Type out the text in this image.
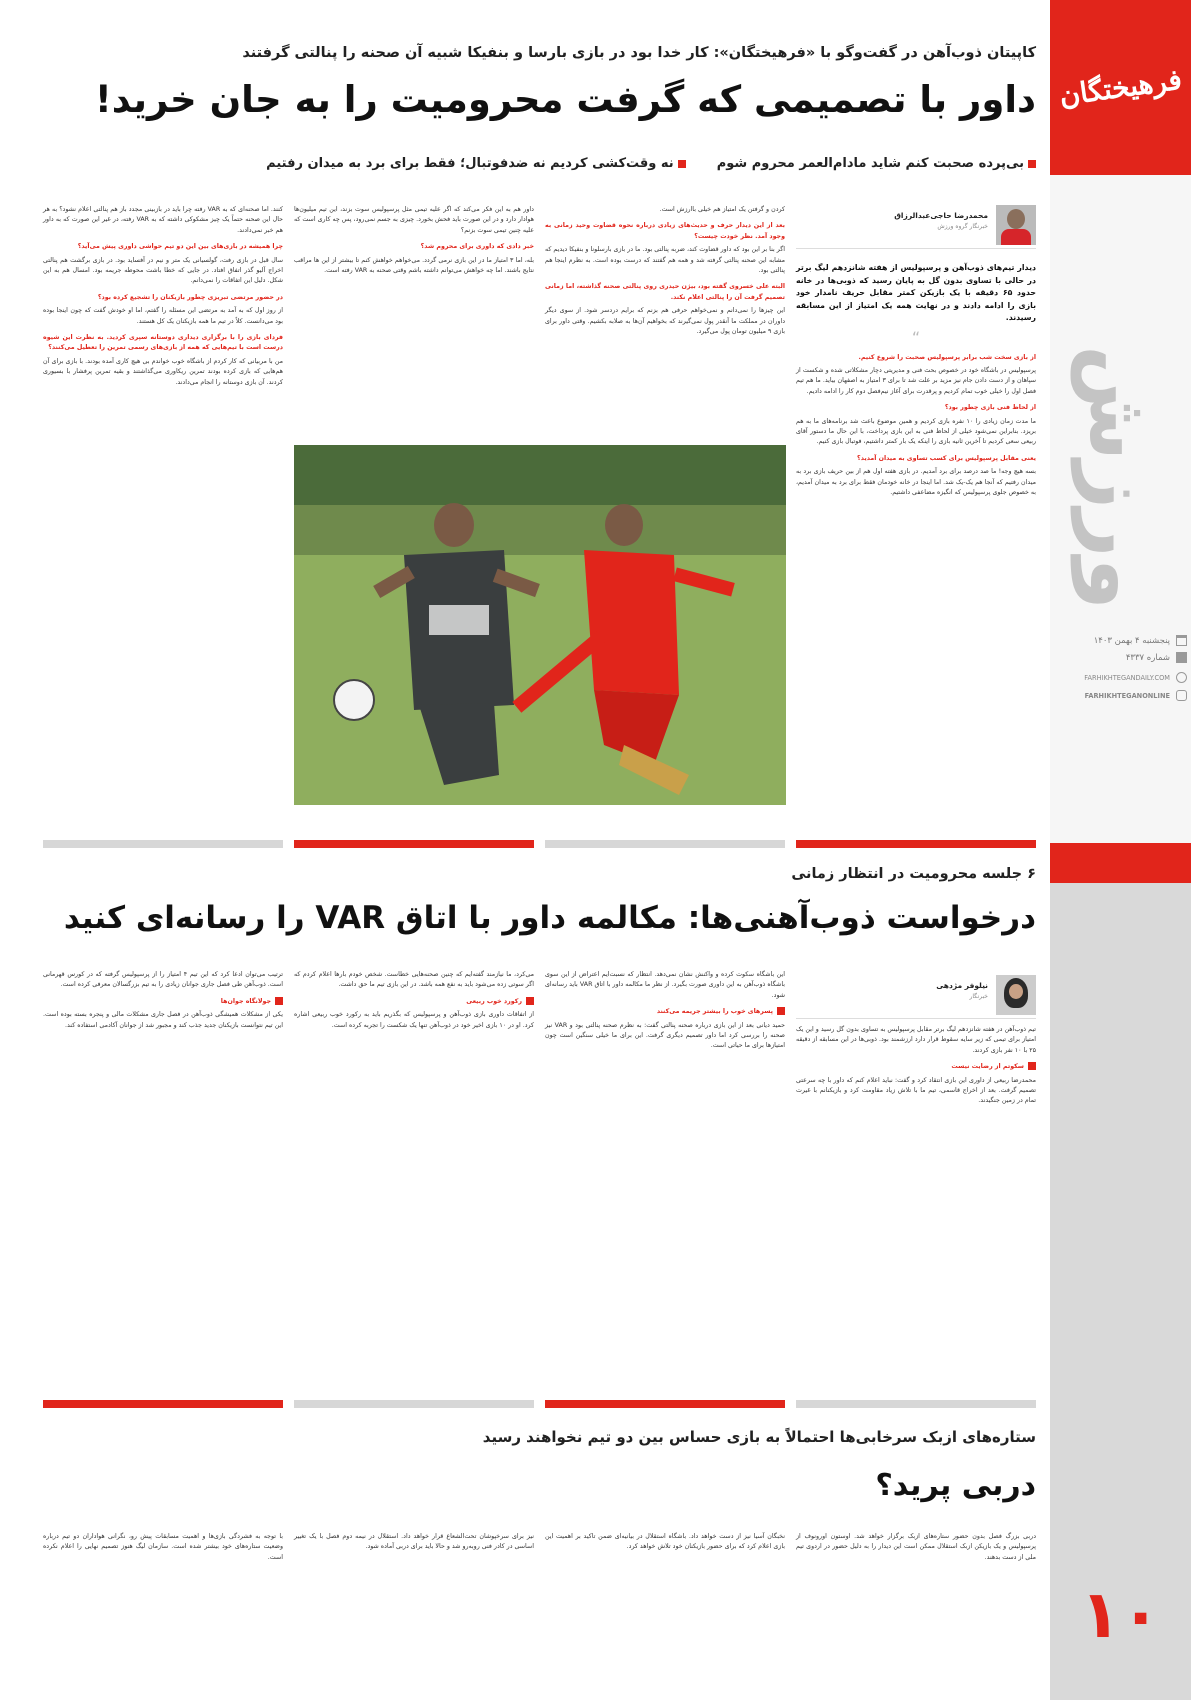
فرهیختگان
ورزش
پنجشنبه ۴ بهمن ۱۴۰۳
شماره ۴۳۳۷
FARHIKHTEGANDAILY.COM
FARHIKHTEGANONLINE
۱۰
کاپیتان ذوب‌آهن در گفت‌وگو با «فرهیختگان»: کار خدا بود در بازی بارسا و بنفیکا شبیه آن صحنه را پنالتی گرفتند
داور با تصمیمی که گرفت محرومیت را به جان خرید!
بی‌پرده صحبت کنم شاید مادام‌العمر محروم شوم  نه وقت‌کشی کردیم نه ضدفوتبال؛ فقط برای برد به میدان رفتیم
محمدرضا حاجی‌عبدالرزاق
خبرنگار گروه ورزش
دیدار تیم‌های ذوب‌آهن و پرسپولیس از هفته شانزدهم لیگ برتر در حالی با تساوی بدون گل به پایان رسید که ذوبی‌ها در خانه حدود ۶۵ دقیقه با یک بازیکن کمتر مقابل حریف نامدار خود بازی را ادامه دادند و در نهایت همه یک امتیاز از این مسابقه رسیدند.
“
از بازی سخت شب برابر پرسپولیس صحبت را شروع کنیم.
پرسپولیس در باشگاه خود در خصوص بحث فنی و مدیریتی دچار مشکلاتی شده و شکست از سپاهان و از دست دادن جام نیز مزید بر علت شد تا برای ۳ امتیاز به اصفهان بیاید. ما هم تیم فصل اول را خیلی خوب تمام کردیم و پرقدرت برای آغاز نیم‌فصل دوم کار را ادامه دادیم.
از لحاظ فنی بازی چطور بود؟
ما مدت زمان زیادی را ۱۰ نفره بازی کردیم و همین موضوع باعث شد برنامه‌های ما به هم بریزد. بنابراین نمی‌شود خیلی از لحاظ فنی به این بازی پرداخت، با این حال ما دستور آقای ربیعی سعی کردیم تا آخرین ثانیه بازی را اینکه یک بار کمتر داشتیم، فوتبال بازی کنیم.
یعنی مقابل پرسپولیس برای کسب تساوی به میدان آمدید؟
بسه هیچ وجه! ما صد درصد برای برد آمدیم. در بازی هفته اول هم از بین حریف بازی برد به میدان رفتیم که آنجا هم یک-یک شد. اما اینجا در خانه خودمان فقط برای برد به میدان آمدیم، به خصوص جلوی پرسپولیس که انگیزه مضاعفی داشتیم.
کردن و گرفتن یک امتیاز هم خیلی باارزش است.
بعد از این دیدار حرف و حدیث‌های زیادی درباره نحوه قضاوت وحید زمانی به وجود آمد. نظر خودت چیست؟
اگر بنا بر این بود که داور قضاوت کند، ضربه پنالتی بود. ما در بازی بارسلونا و بنفیکا دیدیم که مشابه این صحنه پنالتی گرفته شد و همه هم گفتند که درست بوده است. به نظرم اینجا هم پنالتی بود.
البته علی خسروی گفته بود، بیژن حیدری روی پنالتی صحنه گذاشته، اما زمانی تصمیم گرفت آن را پنالتی اعلام نکند.
این چیزها را نمی‌دانم و نمی‌خواهم حرفی هم بزنم که برایم دردسر شود. از سوی دیگر داوران در مملکت ما آنقدر پول نمی‌گیرند که بخواهیم آن‌ها به صلابه بکشیم. وقتی داور برای بازی ۹ میلیون تومان پول می‌گیرد.
داور هم به این فکر می‌کند که اگر علیه تیمی مثل پرسپولیس سوت بزند، این تیم میلیون‌ها هوادار دارد و در این صورت باید فحش بخورد. چیزی به جسم نمی‌رود، پس چه کاری است که علیه چنین تیمی سوت بزنم؟
خبر دادی که داوری برای محروم شد؟
بله، اما ۳ امتیاز ما در این بازی نرمی گردد. می‌خواهم خواهش کنم تا بیشتر از این ها مراقب نتایج باشند. اما چه خواهش می‌توانم داشته باشم وقتی صحنه به VAR رفته است.
کنند. اما صحنه‌ای که به VAR رفته چرا باید در بازبینی مجدد باز هم پنالتی اعلام نشود؟ به هر حال این صحنه حتماً یک چیز مشکوکی داشته که به VAR رفته، در غیر این صورت که به داور هم خبر نمی‌دادند.
چرا همیشه در بازی‌های بین این دو تیم حواشی داوری پیش می‌آید؟
سال قبل در بازی رفت، گولسیانی یک متر و نیم در آفساید بود. در بازی برگشت هم پنالتی اخراج آلیو گذر اتفاق افتاد. در جایی که خطا باشت محوطه جریمه بود. امسال هم به این شکل. دلیل این اتفاقات را نمی‌دانم.
در حضور مرتضی تبریزی چطور بازیکنان را تشجیع کرده بود؟
از روز اول که به آمد به مرتضی این مسئله را گفتم، اما او خودش گفت که چون اینجا بوده بود می‌دانست. کلاً در تیم ما همه بازیکنان یک کل هستند.
فردای بازی را با برگزاری دیداری دوستانه سپری کردید. به نظرت این شیوه درست است با تیم‌هایی که همه از بازی‌های رسمی تمرین را تعطیل می‌کنند؟
من با مربیانی که کار کردم از باشگاه خوب خواندم بی هیچ کاری آمده بودند. با بازی برای آن هم‌هایی که بازی کرده بودند تمرین ریکاوری می‌گذاشتند و بقیه تمرین پرفشار با بسیوری کردند. آن بازی دوستانه را انجام می‌دادند.
۶ جلسه محرومیت در انتظار زمانی
درخواست ذوب‌آهنی‌ها: مکالمه داور با اتاق VAR را رسانه‌ای کنید
نیلوفر مژدهی
خبرنگار
تیم ذوب‌آهن در هفته شانزدهم لیگ برتر مقابل پرسپولیس به تساوی بدون گل رسید و این یک امتیاز برای تیمی که زیر سایه سقوط قرار دارد ارزشمند بود. ذوبی‌ها در این مسابقه از دقیقه ۲۵ با ۱۰ نفر بازی کردند.
سکوتم از رضایت نیست
محمدرضا ربیعی از داوری این بازی انتقاد کرد و گفت: نباید اعلام کنم که داور با چه سرعتی تصمیم گرفت. بعد از اخراج قاسمی، تیم ما با تلاش زیاد مقاومت کرد و بازیکنانم با غیرت تمام در زمین جنگیدند.
این باشگاه سکوت کرده و واکنش نشان نمی‌دهد. انتظار که نسبت‌ایم اعتراض از این سوی باشگاه ذوب‌آهن به این داوری صورت بگیرد. از نظر ما مکالمه داور با اتاق VAR باید رسانه‌ای شود.
پسرهای خوب را بیشتر جریمه می‌کنند
حمید دیانی بعد از این بازی درباره صحنه پنالتی گفت: به نظرم صحنه پنالتی بود و VAR نیز صحنه را بررسی کرد اما داور تصمیم دیگری گرفت. این برای ما خیلی سنگین است چون امتیازها برای ما حیاتی است.
می‌کرد، ما نیازمند گفته‌ایم که چنین صحنه‌هایی خطاست. شخص خودم بارها اعلام کردم که اگر سوتی زده می‌شود باید به نفع همه باشد. در این بازی تیم ما حق داشت.
رکورد خوب ربیعی
از اتفاقات داوری بازی ذوب‌آهن و پرسپولیس که بگذریم باید به رکورد خوب ربیعی اشاره کرد. او در ۱۰ بازی اخیر خود در ذوب‌آهن تنها یک شکست را تجربه کرده است.
ترتیب می‌توان ادعا کرد که این تیم ۴ امتیاز را از پرسپولیس گرفته که در کورس قهرمانی است. ذوب‌آهن طی فصل جاری جوانان زیادی را به تیم بزرگسالان معرفی کرده است.
جولانگاه جوان‌ها
یکی از مشکلات همیشگی ذوب‌آهن در فصل جاری مشکلات مالی و پنجره بسته بوده است. این تیم نتوانست بازیکنان جدید جذب کند و مجبور شد از جوانان آکادمی استفاده کند.
ستاره‌های ازبک سرخابی‌ها احتمالاً به بازی حساس بین دو تیم نخواهند رسید
دربی پرید؟
دربی بزرگ فصل بدون حضور ستاره‌های ازبک برگزار خواهد شد. اوستون اورونوف از پرسپولیس و یک بازیکن ازبک استقلال ممکن است این دیدار را به دلیل حضور در اردوی تیم ملی از دست بدهند.
نخبگان آسیا نیز از دست خواهد داد. باشگاه استقلال در بیانیه‌ای ضمن تاکید بر اهمیت این بازی اعلام کرد که برای حضور بازیکنان خود تلاش خواهد کرد.
نیز برای سرخپوشان تحت‌الشعاع قرار خواهد داد. استقلال در نیمه دوم فصل با یک تغییر اساسی در کادر فنی روبه‌رو شد و حالا باید برای دربی آماده شود.
با توجه به فشردگی بازی‌ها و اهمیت مسابقات پیش رو، نگرانی هواداران دو تیم درباره وضعیت ستاره‌های خود بیشتر شده است. سازمان لیگ هنوز تصمیم نهایی را اعلام نکرده است.
